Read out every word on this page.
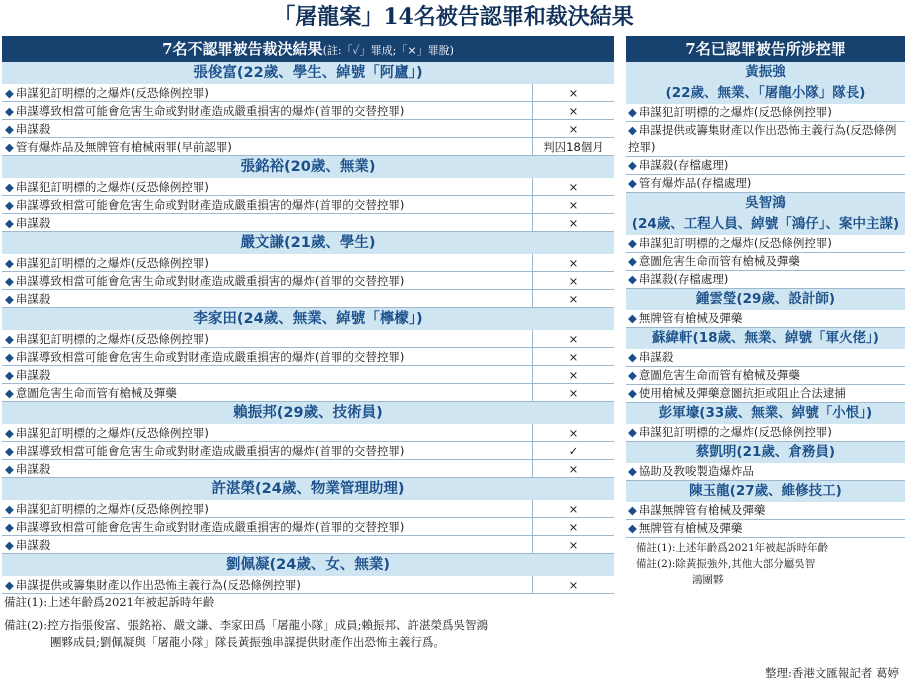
「屠龍案」14名被告認罪和裁決結果
7名不認罪被告裁決結果(註:「✓」罪成;「×」罪脫)
張俊富(22歲、學生、綽號「阿廬」)
◆ 串謀犯訂明標的之爆炸(反恐條例控罪)	×
◆ 串謀導致相當可能會危害生命或對財產造成嚴重損害的爆炸(首罪的交替控罪)	×
◆ 串謀殺	×
◆ 管有爆炸品及無牌管有槍械兩罪(早前認罪)	判囚18個月
張銘裕(20歲、無業)
◆ 串謀犯訂明標的之爆炸(反恐條例控罪)	×
◆ 串謀導致相當可能會危害生命或對財產造成嚴重損害的爆炸(首罪的交替控罪)	×
◆ 串謀殺	×
嚴文謙(21歲、學生)
◆ 串謀犯訂明標的之爆炸(反恐條例控罪)	×
◆ 串謀導致相當可能會危害生命或對財產造成嚴重損害的爆炸(首罪的交替控罪)	×
◆ 串謀殺	×
李家田(24歲、無業、綽號「檸檬」)
◆ 串謀犯訂明標的之爆炸(反恐條例控罪)	×
◆ 串謀導致相當可能會危害生命或對財產造成嚴重損害的爆炸(首罪的交替控罪)	×
◆ 串謀殺	×
◆ 意圖危害生命而管有槍械及彈藥	×
賴振邦(29歲、技術員)
◆ 串謀犯訂明標的之爆炸(反恐條例控罪)	×
◆ 串謀導致相當可能會危害生命或對財產造成嚴重損害的爆炸(首罪的交替控罪)	✓
◆ 串謀殺	×
許湛榮(24歲、物業管理助理)
◆ 串謀犯訂明標的之爆炸(反恐條例控罪)	×
◆ 串謀導致相當可能會危害生命或對財產造成嚴重損害的爆炸(首罪的交替控罪)	×
◆ 串謀殺	×
劉佩凝(24歲、女、無業)
◆ 串謀提供或籌集財產以作出恐怖主義行為(反恐條例控罪)	×
備註(1):上述年齡爲2021年被起訴時年齡
備註(2):控方指張俊富、張銘裕、嚴文謙、李家田爲「屠龍小隊」成員;賴振邦、許湛榮爲吳智鴻
團夥成員;劉佩凝與「屠龍小隊」隊長黃振強串謀提供財產作出恐怖主義行爲。
7名已認罪被告所涉控罪
黃振強
(22歲、無業、「屠龍小隊」隊長)
◆ 串謀犯訂明標的之爆炸(反恐條例控罪)
◆ 串謀提供或籌集財產以作出恐怖主義行為(反恐條例控罪)
◆ 串謀殺(存檔處理)
◆ 管有爆炸品(存檔處理)
吳智鴻
(24歲、工程人員、綽號「鴻仔」、案中主謀)
◆ 串謀犯訂明標的之爆炸(反恐條例控罪)
◆ 意圖危害生命而管有槍械及彈藥
◆ 串謀殺(存檔處理)
鍾雲瑩(29歲、設計師)
◆ 無牌管有槍械及彈藥
蘇緯軒(18歲、無業、綽號「軍火佬」)
◆ 串謀殺
◆ 意圖危害生命而管有槍械及彈藥
◆ 使用槍械及彈藥意圖抗拒或阻止合法逮捕
彭軍壕(33歲、無業、綽號「小恨」)
◆ 串謀犯訂明標的之爆炸(反恐條例控罪)
蔡凱明(21歲、倉務員)
◆ 協助及教唆製造爆炸品
陳玉龍(27歲、維修技工)
◆ 串謀無牌管有槍械及彈藥
◆ 無牌管有槍械及彈藥
備註(1):上述年齡爲2021年被起訴時年齡
備註(2):除黃振強外,其他大部分屬吳智
鴻團夥
整理:香港文匯報記者 葛婷
